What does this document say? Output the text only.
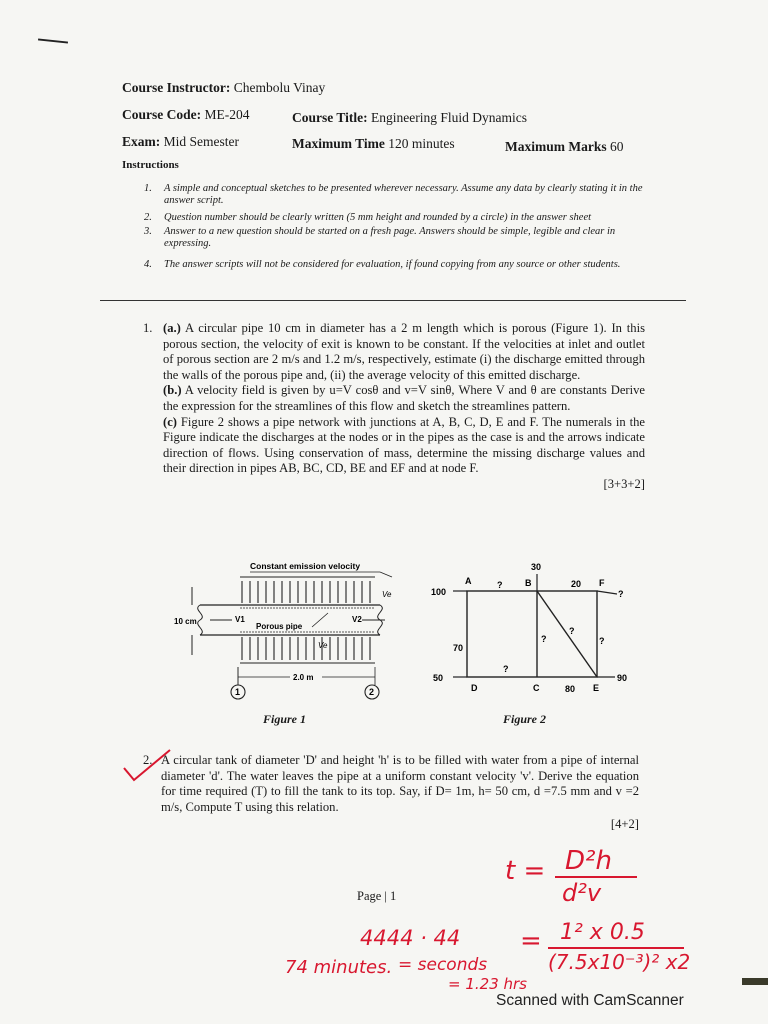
Course Instructor: Chembolu Vinay
Course Code: ME-204	Course Title: Engineering Fluid Dynamics
Exam: Mid Semester	Maximum Time 120 minutes	Maximum Marks 60
Instructions
1. A simple and conceptual sketches to be presented wherever necessary. Assume any data by clearly stating it in the answer script.
2. Question number should be clearly written (5 mm height and rounded by a circle) in the answer sheet
3. Answer to a new question should be started on a fresh page. Answers should be simple, legible and clear in expressing.
4. The answer scripts will not be considered for evaluation, if found copying from any source or other students.
1. (a.) A circular pipe 10 cm in diameter has a 2 m length which is porous (Figure 1). In this porous section, the velocity of exit is known to be constant. If the velocities at inlet and outlet of porous section are 2 m/s and 1.2 m/s, respectively, estimate (i) the discharge emitted through the walls of the porous pipe and, (ii) the average velocity of this emitted discharge.
(b.) A velocity field is given by u=V cosθ and v=V sinθ, Where V and θ are constants Derive the expression for the streamlines of this flow and sketch the streamlines pattern.
(c) Figure 2 shows a pipe network with junctions at A, B, C, D, E and F. The numerals in the Figure indicate the discharges at the nodes or in the pipes as the case is and the arrows indicate direction of flows. Using conservation of mass, determine the missing discharge values and their direction in pipes AB, BC, CD, BE and EF and at node F.
[3+3+2]
Constant emission velocity
Ve
V1
Porous pipe
V2
10 cm
Ve
2.0 m
1	2
Figure 1
30
A	?	B	20 F
?
100
70
?
?
?
?
50
D	C	80 E
90
Figure 2
2. A circular tank of diameter 'D' and height 'h' is to be filled with water from a pipe of internal diameter 'd'. The water leaves the pipe at a uniform constant velocity 'v'. Derive the equation for time required (T) to fill the tank to its top. Say, if D= 1m, h= 50 cm, d =7.5 mm and v =2 m/s, Compute T using this relation.
[4+2]
Page | 1
t = D²h
d²v
= 1² x 0.5
(7.5x10⁻³)² x2
4444 · 44
= seconds
= 1.23 hrs
74 minutes.
Scanned with CamScanner
